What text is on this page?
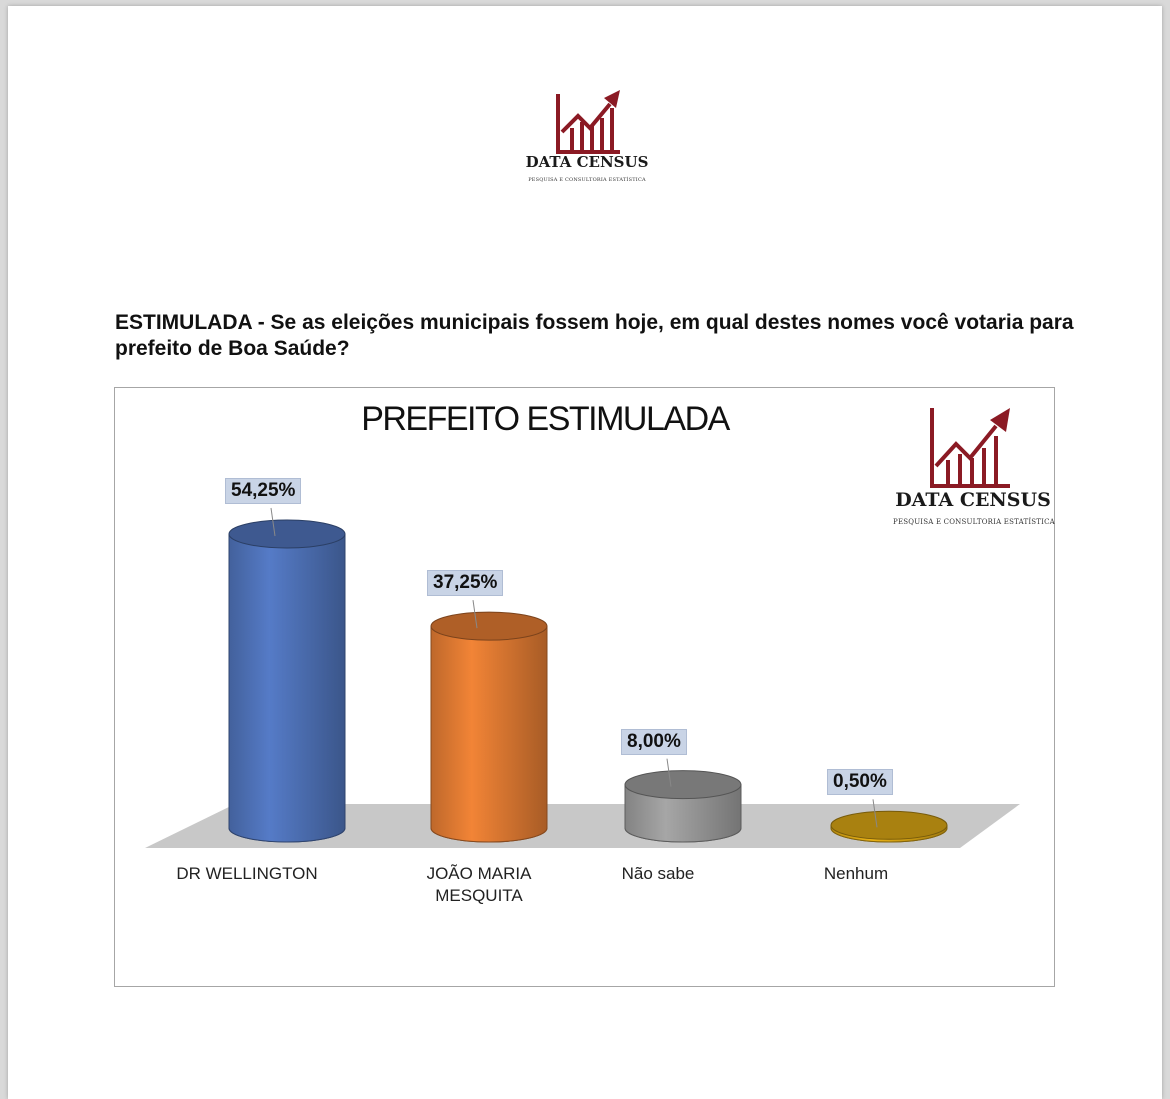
DATA CENSUS
PESQUISA E CONSULTORIA ESTATÍSTICA
ESTIMULADA - Se as eleições municipais fossem hoje, em qual destes nomes você votaria para prefeito de Boa Saúde?
PREFEITO ESTIMULADA
DATA CENSUS
PESQUISA E CONSULTORIA ESTATÍSTICA
54,25%
DR WELLINGTON
37,25%
JOÃO MARIA MESQUITA
8,00%
Não sabe
0,50%
Nenhum
